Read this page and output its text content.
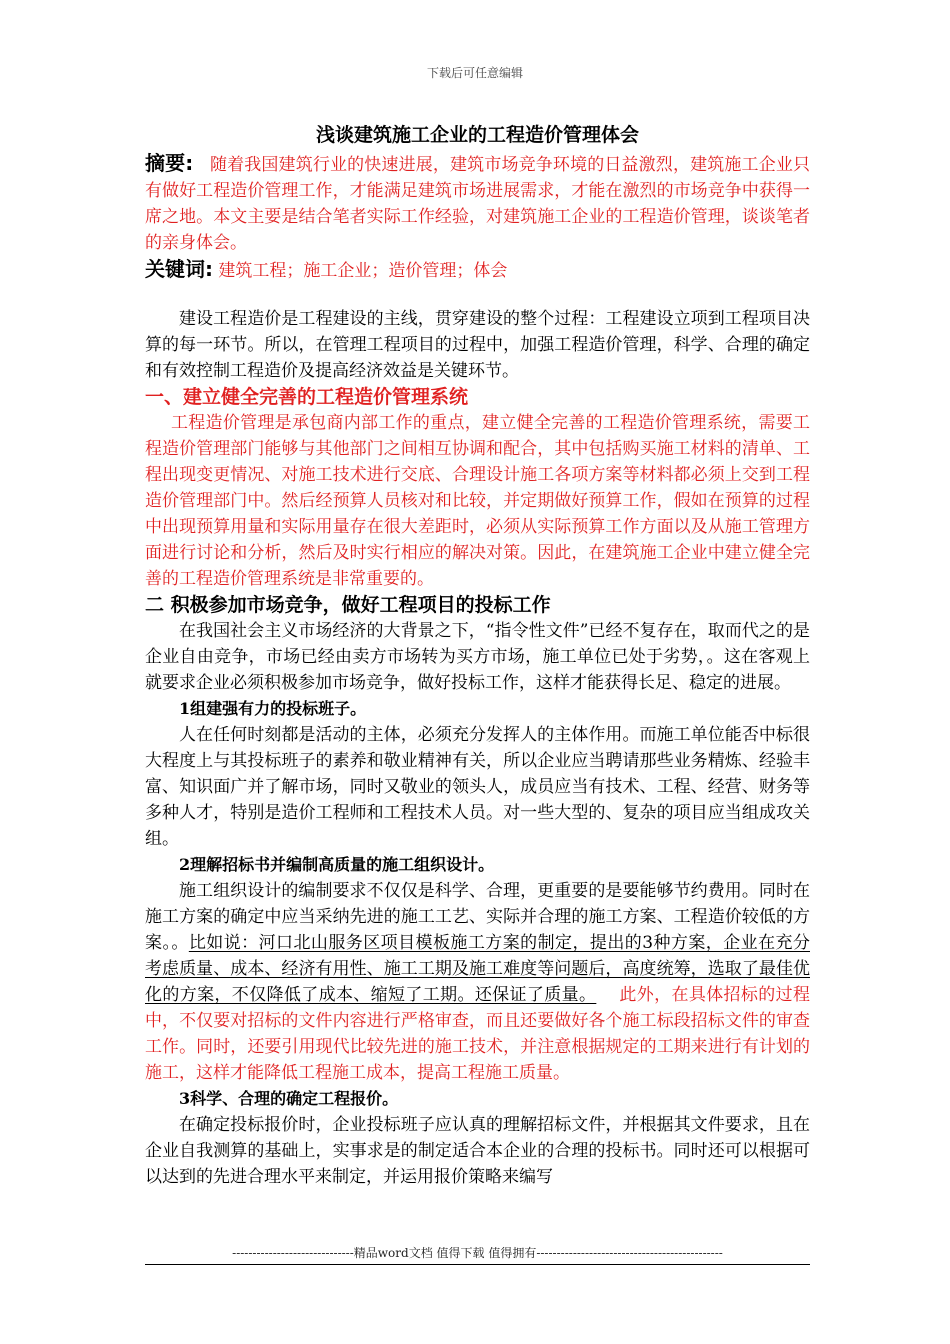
下载后可任意编辑

浅谈建筑施工企业的工程造价管理体会

摘要: 随着我国建筑行业的快速进展，建筑市场竞争环境的日益激烈，建筑施工企业只有做好工程造价管理工作，才能满足建筑市场进展需求，才能在激烈的市场竞争中获得一席之地。本文主要是结合笔者实际工作经验，对建筑施工企业的工程造价管理，谈谈笔者的亲身体会。

关键词: 建筑工程；施工企业；造价管理；体会

建设工程造价是工程建设的主线，贯穿建设的整个过程：工程建设立项到工程项目决算的每一环节。所以，在管理工程项目的过程中，加强工程造价管理，科学、合理的确定和有效控制工程造价及提高经济效益是关键环节。

一、建立健全完善的工程造价管理系统

工程造价管理是承包商内部工作的重点，建立健全完善的工程造价管理系统，需要工程造价管理部门能够与其他部门之间相互协调和配合，其中包括购买施工材料的清单、工程出现变更情况、对施工技术进行交底、合理设计施工各项方案等材料都必须上交到工程造价管理部门中。然后经预算人员核对和比较，并定期做好预算工作，假如在预算的过程中出现预算用量和实际用量存在很大差距时，必须从实际预算工作方面以及从施工管理方面进行讨论和分析，然后及时实行相应的解决对策。因此，在建筑施工企业中建立健全完善的工程造价管理系统是非常重要的。

二 积极参加市场竞争，做好工程项目的投标工作

在我国社会主义市场经济的大背景之下，“指令性文件”已经不复存在，取而代之的是企业自由竞争，市场已经由卖方市场转为买方市场，施工单位已处于劣势，。这在客观上就要求企业必须积极参加市场竞争，做好投标工作，这样才能获得长足、稳定的进展。

1组建强有力的投标班子。

人在任何时刻都是活动的主体，必须充分发挥人的主体作用。而施工单位能否中标很大程度上与其投标班子的素养和敬业精神有关，所以企业应当聘请那些业务精炼、经验丰富、知识面广并了解市场，同时又敬业的领头人，成员应当有技术、工程、经营、财务等多种人才，特别是造价工程师和工程技术人员。对一些大型的、复杂的项目应当组成攻关组。

2理解招标书并编制高质量的施工组织设计。

施工组织设计的编制要求不仅仅是科学、合理，更重要的是要能够节约费用。同时在施工方案的确定中应当采纳先进的施工工艺、实际并合理的施工方案、工程造价较低的方案。。比如说：河口北山服务区项目模板施工方案的制定，提出的3种方案，企业在充分考虑质量、成本、经济有用性、施工工期及施工难度等问题后，高度统筹，选取了最佳优化的方案，不仅降低了成本、缩短了工期。还保证了质量。 此外，在具体招标的过程中，不仅要对招标的文件内容进行严格审查，而且还要做好各个施工标段招标文件的审查工作。同时，还要引用现代比较先进的施工技术，并注意根据规定的工期来进行有计划的施工，这样才能降低工程施工成本，提高工程施工质量。

3科学、合理的确定工程报价。

在确定投标报价时，企业投标班子应认真的理解招标文件，并根据其文件要求，且在企业自我测算的基础上，实事求是的制定适合本企业的合理的投标书。同时还可以根据可以达到的先进合理水平来制定，并运用报价策略来编写

------------------------------精品word文档 值得下载 值得拥有----------------------------------------------
